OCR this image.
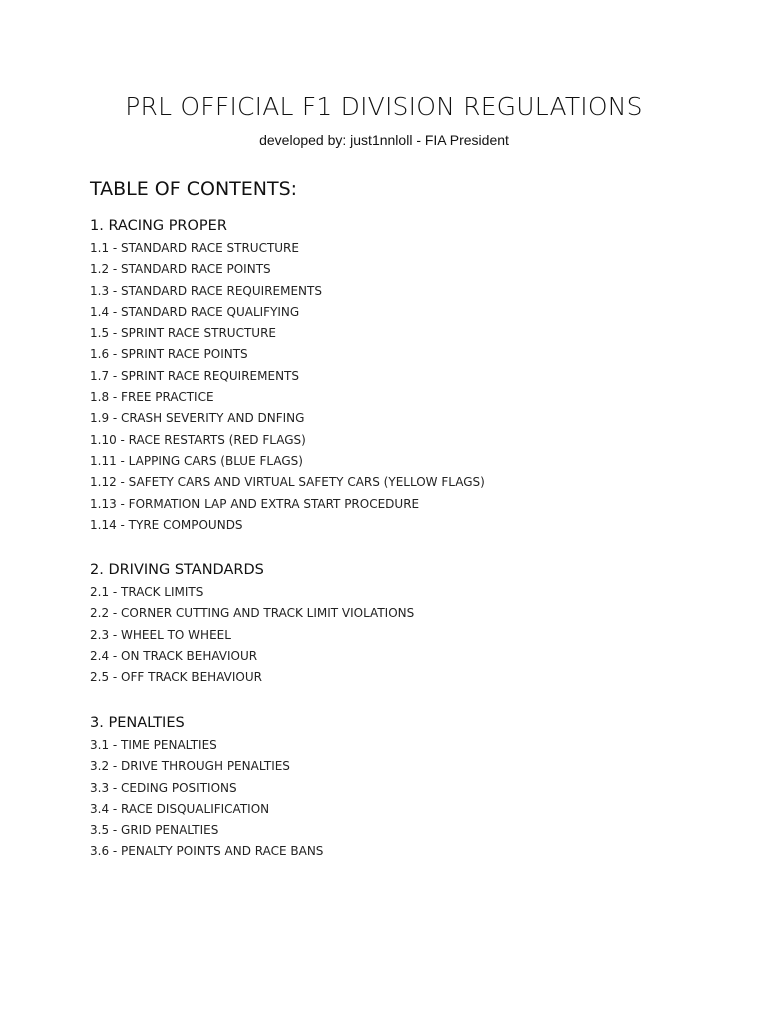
PRL OFFICIAL F1 DIVISION REGULATIONS
developed by: just1nnloll - FIA President
TABLE OF CONTENTS:
1. RACING PROPER
1.1 - STANDARD RACE STRUCTURE
1.2 - STANDARD RACE POINTS
1.3 - STANDARD RACE REQUIREMENTS
1.4 - STANDARD RACE QUALIFYING
1.5 - SPRINT RACE STRUCTURE
1.6 - SPRINT RACE POINTS
1.7 - SPRINT RACE REQUIREMENTS
1.8 - FREE PRACTICE
1.9 - CRASH SEVERITY AND DNFING
1.10 - RACE RESTARTS (RED FLAGS)
1.11 - LAPPING CARS (BLUE FLAGS)
1.12 - SAFETY CARS AND VIRTUAL SAFETY CARS (YELLOW FLAGS)
1.13 - FORMATION LAP AND EXTRA START PROCEDURE
1.14 - TYRE COMPOUNDS
2. DRIVING STANDARDS
2.1 - TRACK LIMITS
2.2 - CORNER CUTTING AND TRACK LIMIT VIOLATIONS
2.3 - WHEEL TO WHEEL
2.4 - ON TRACK BEHAVIOUR
2.5 - OFF TRACK BEHAVIOUR
3. PENALTIES
3.1 - TIME PENALTIES
3.2 - DRIVE THROUGH PENALTIES
3.3 - CEDING POSITIONS
3.4 - RACE DISQUALIFICATION
3.5 - GRID PENALTIES
3.6 - PENALTY POINTS AND RACE BANS
